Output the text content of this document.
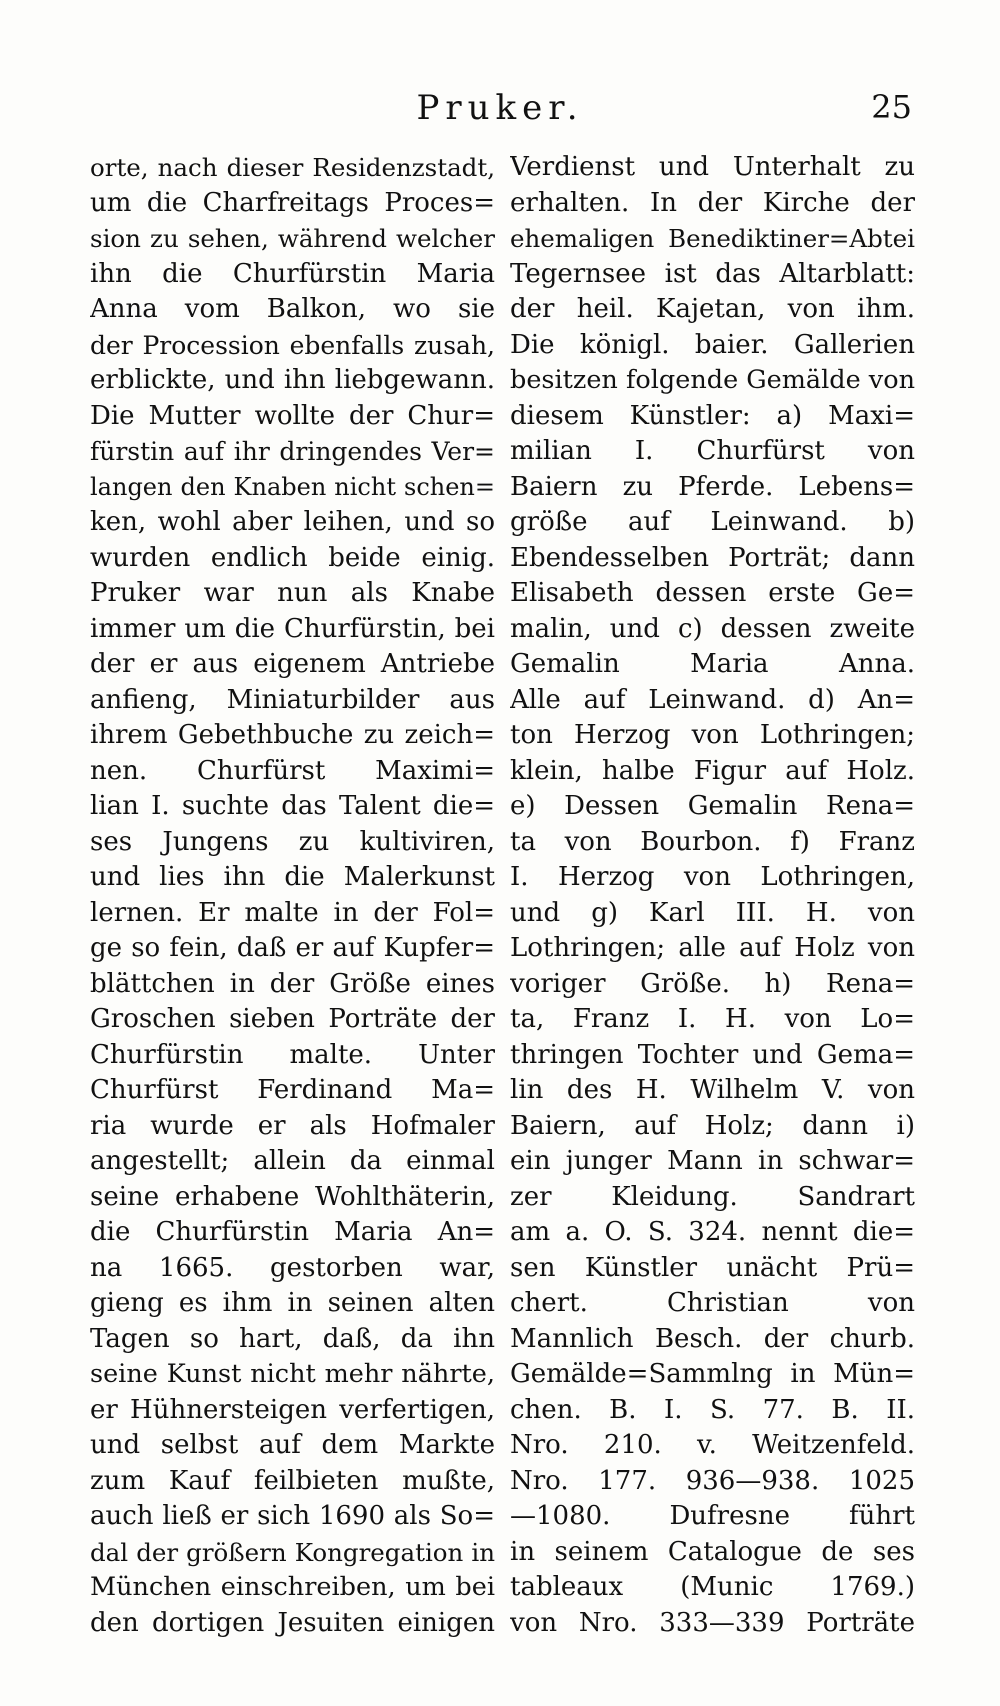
Pruker.	25
orte, nach dieser Residenzstadt,
um die Charfreitags Proces=
sion zu sehen, während welcher
ihn die Churfürstin Maria
Anna vom Balkon, wo sie
der Procession ebenfalls zusah,
erblickte, und ihn liebgewann.
Die Mutter wollte der Chur=
fürstin auf ihr dringendes Ver=
langen den Knaben nicht schen=
ken, wohl aber leihen, und so
wurden endlich beide einig.
Pruker war nun als Knabe
immer um die Churfürstin, bei
der er aus eigenem Antriebe
anfieng, Miniaturbilder aus
ihrem Gebethbuche zu zeich=
nen. Churfürst Maximi=
lian I. suchte das Talent die=
ses Jungens zu kultiviren,
und lies ihn die Malerkunst
lernen. Er malte in der Fol=
ge so fein, daß er auf Kupfer=
blättchen in der Größe eines
Groschen sieben Porträte der
Churfürstin malte. Unter
Churfürst Ferdinand Ma=
ria wurde er als Hofmaler
angestellt; allein da einmal
seine erhabene Wohlthäterin,
die Churfürstin Maria An=
na 1665. gestorben war,
gieng es ihm in seinen alten
Tagen so hart, daß, da ihn
seine Kunst nicht mehr nährte,
er Hühnersteigen verfertigen,
und selbst auf dem Markte
zum Kauf feilbieten mußte,
auch ließ er sich 1690 als So=
dal der größern Kongregation in
München einschreiben, um bei
den dortigen Jesuiten einigen
Verdienst und Unterhalt zu
erhalten. In der Kirche der
ehemaligen Benediktiner=Abtei
Tegernsee ist das Altarblatt:
der heil. Kajetan, von ihm.
Die königl. baier. Gallerien
besitzen folgende Gemälde von
diesem Künstler: a) Maxi=
milian I. Churfürst von
Baiern zu Pferde. Lebens=
größe auf Leinwand. b)
Ebendesselben Porträt; dann
Elisabeth dessen erste Ge=
malin, und c) dessen zweite
Gemalin Maria Anna.
Alle auf Leinwand. d) An=
ton Herzog von Lothringen;
klein, halbe Figur auf Holz.
e) Dessen Gemalin Rena=
ta von Bourbon. f) Franz
I. Herzog von Lothringen,
und g) Karl III. H. von
Lothringen; alle auf Holz von
voriger Größe. h) Rena=
ta, Franz I. H. von Lo=
thringen Tochter und Gema=
lin des H. Wilhelm V. von
Baiern, auf Holz; dann i)
ein junger Mann in schwar=
zer Kleidung. Sandrart
am a. O. S. 324. nennt die=
sen Künstler unächt Prü=
chert. Christian von
Mannlich Besch. der churb.
Gemälde=Sammlng in Mün=
chen. B. I. S. 77. B. II.
Nro. 210. v. Weitzenfeld.
Nro. 177. 936—938. 1025
—1080. Dufresne führt
in seinem Catalogue de ses
tableaux (Munic 1769.)
von Nro. 333—339 Porträte
